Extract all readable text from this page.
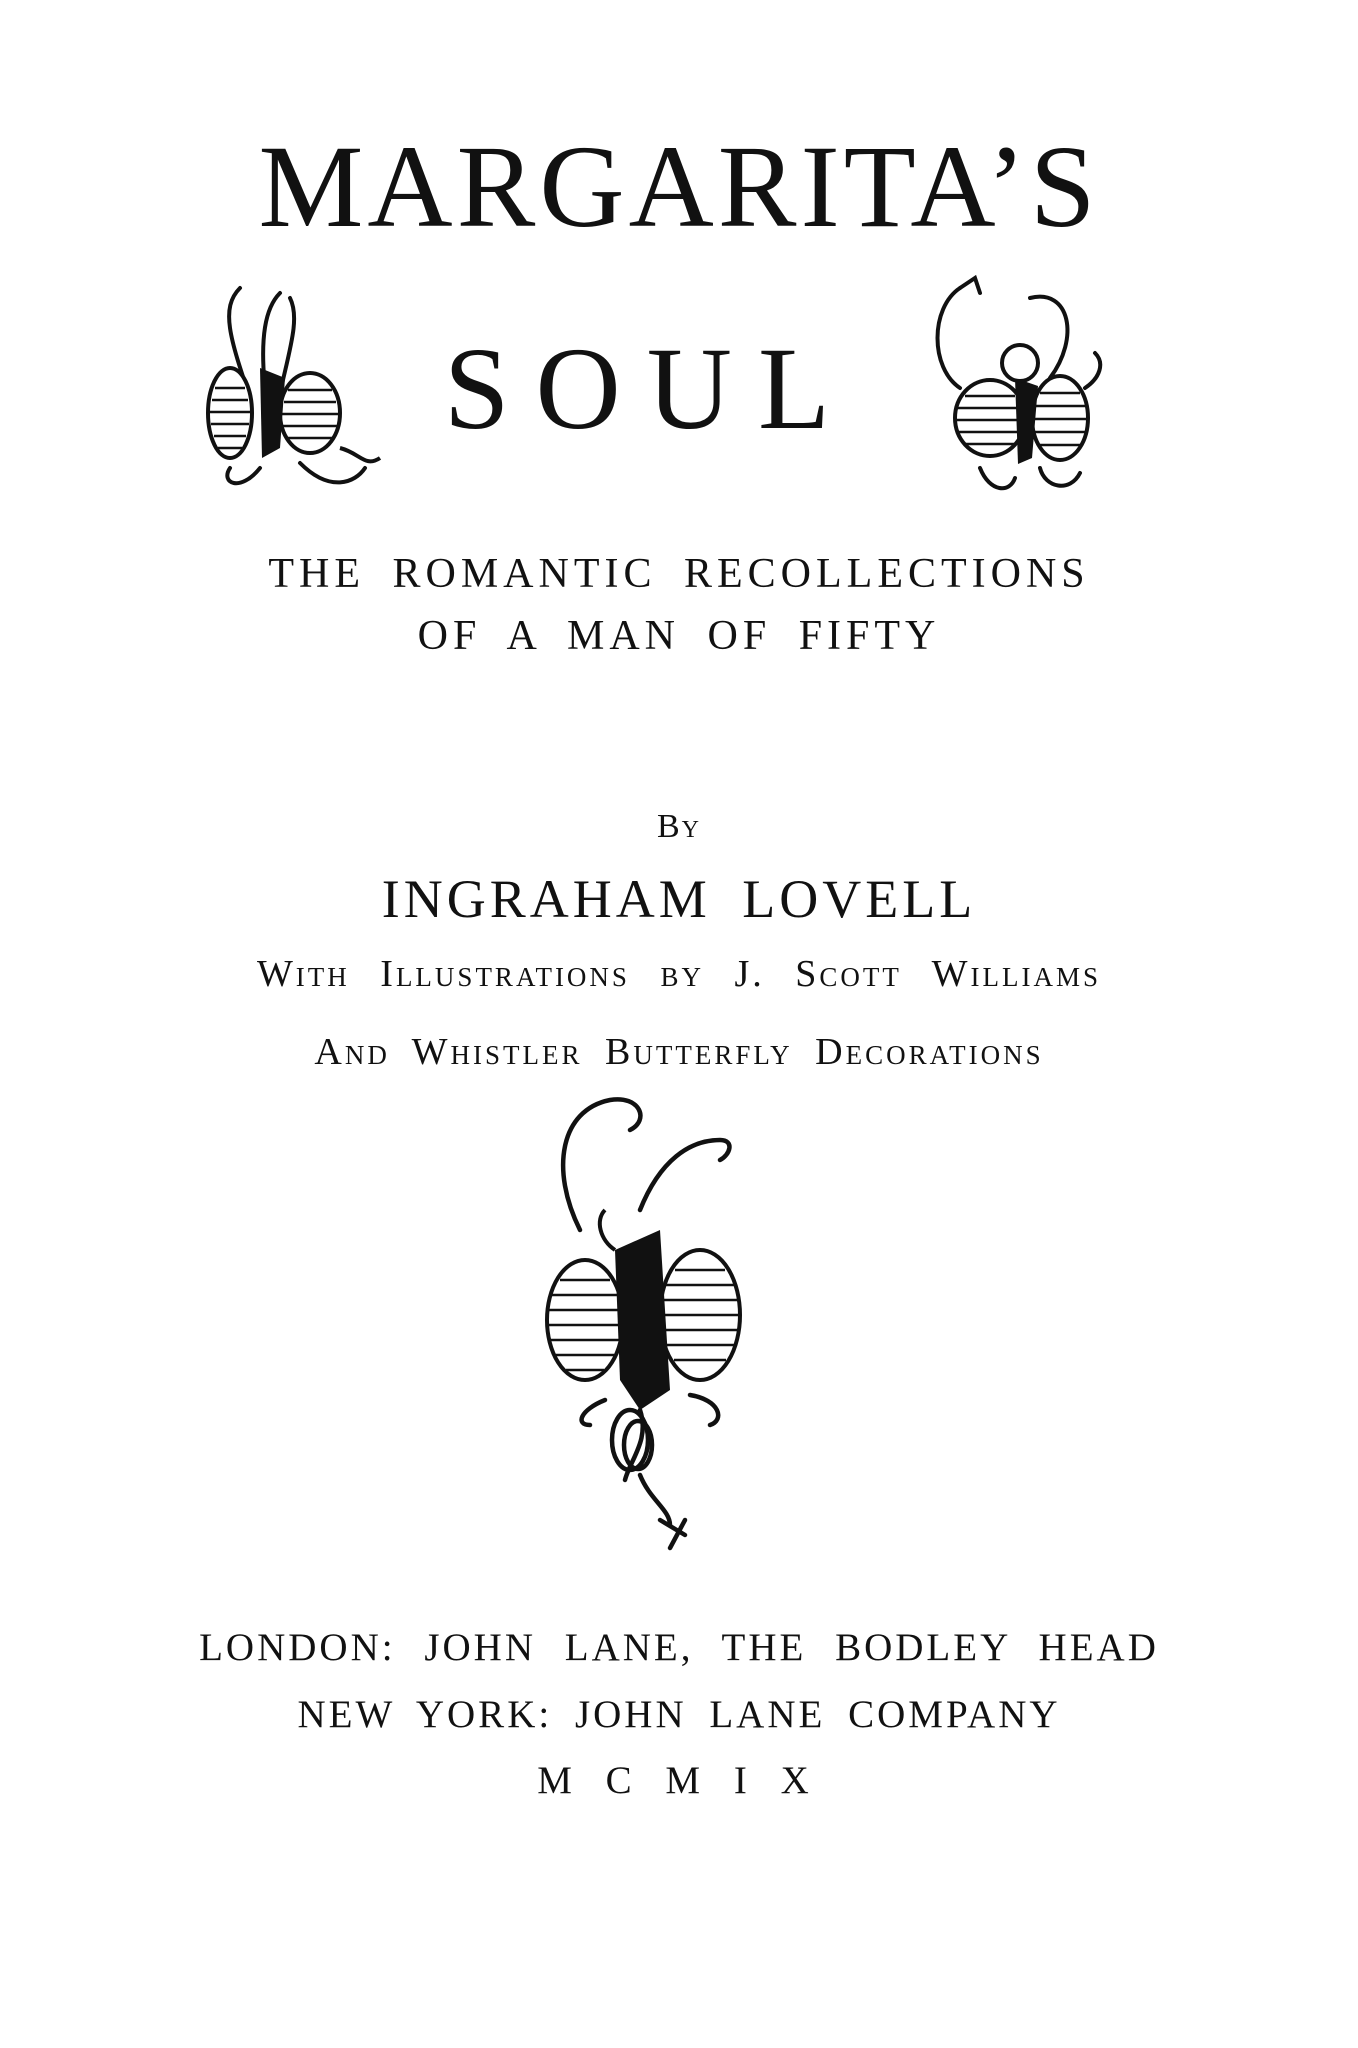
MARGARITA’S
SOUL
THE ROMANTIC RECOLLECTIONS
OF A MAN OF FIFTY
By
INGRAHAM LOVELL
With Illustrations by J. Scott Williams
And Whistler Butterfly Decorations
LONDON: JOHN LANE, THE BODLEY HEAD
NEW YORK: JOHN LANE COMPANY
M C M I X
